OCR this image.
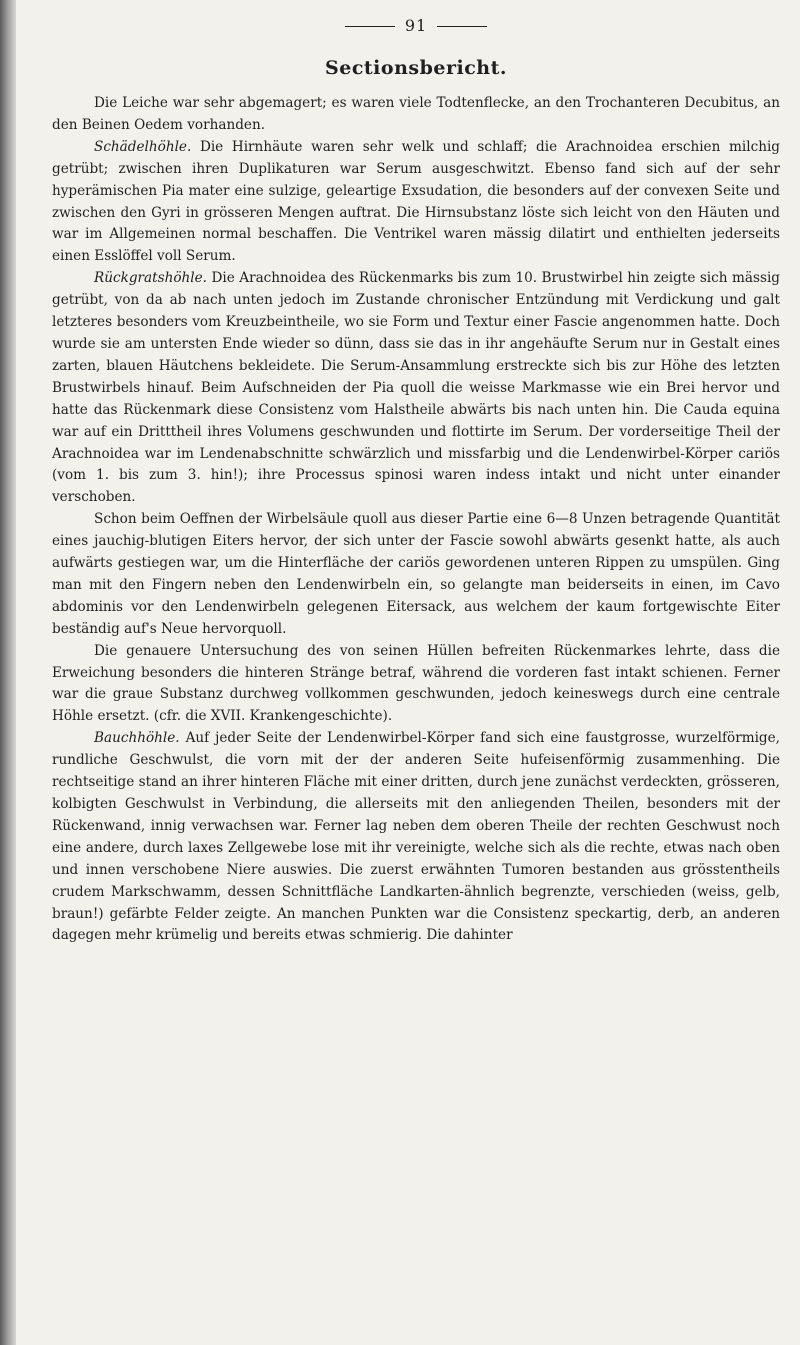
91
Sectionsbericht.

Die Leiche war sehr abgemagert; es waren viele Todtenflecke, an den Trochanteren Decubitus, an den Beinen Oedem vorhanden.

Schädelhöhle. Die Hirnhäute waren sehr welk und schlaff; die Arachnoidea erschien milchig getrübt; zwischen ihren Duplikaturen war Serum ausgeschwitzt. Ebenso fand sich auf der sehr hyperämischen Pia mater eine sulzige, geleartige Exsudation, die besonders auf der convexen Seite und zwischen den Gyri in grösseren Mengen auftrat. Die Hirnsubstanz löste sich leicht von den Häuten und war im Allgemeinen normal beschaffen. Die Ventrikel waren mässig dilatirt und enthielten jederseits einen Esslöffel voll Serum.

Rückgratshöhle. Die Arachnoidea des Rückenmarks bis zum 10. Brustwirbel hin zeigte sich mässig getrübt, von da ab nach unten jedoch im Zustande chronischer Entzündung mit Verdickung und galt letzteres besonders vom Kreuzbeintheile, wo sie Form und Textur einer Fascie angenommen hatte. Doch wurde sie am untersten Ende wieder so dünn, dass sie das in ihr angehäufte Serum nur in Gestalt eines zarten, blauen Häutchens bekleidete. Die Serum-Ansammlung erstreckte sich bis zur Höhe des letzten Brustwirbels hinauf. Beim Aufschneiden der Pia quoll die weisse Markmasse wie ein Brei hervor und hatte das Rückenmark diese Consistenz vom Halstheile abwärts bis nach unten hin. Die Cauda equina war auf ein Dritttheil ihres Volumens geschwunden und flottirte im Serum. Der vorderseitige Theil der Arachnoidea war im Lendenabschnitte schwärzlich und missfarbig und die Lendenwirbel-Körper cariös (vom 1. bis zum 3. hin!); ihre Processus spinosi waren indess intakt und nicht unter einander verschoben.

Schon beim Oeffnen der Wirbelsäule quoll aus dieser Partie eine 6—8 Unzen betragende Quantität eines jauchig-blutigen Eiters hervor, der sich unter der Fascie sowohl abwärts gesenkt hatte, als auch aufwärts gestiegen war, um die Hinterfläche der cariös gewordenen unteren Rippen zu umspülen. Ging man mit den Fingern neben den Lendenwirbeln ein, so gelangte man beiderseits in einen, im Cavo abdominis vor den Lendenwirbeln gelegenen Eitersack, aus welchem der kaum fortgewischte Eiter beständig auf's Neue hervorquoll.

Die genauere Untersuchung des von seinen Hüllen befreiten Rückenmarkes lehrte, dass die Erweichung besonders die hinteren Stränge betraf, während die vorderen fast intakt schienen. Ferner war die graue Substanz durchweg vollkommen geschwunden, jedoch keineswegs durch eine centrale Höhle ersetzt. (cfr. die XVII. Krankengeschichte).

Bauchhöhle. Auf jeder Seite der Lendenwirbel-Körper fand sich eine faustgrosse, wurzelförmige, rundliche Geschwulst, die vorn mit der der anderen Seite hufeisenförmig zusammenhing. Die rechtseitige stand an ihrer hinteren Fläche mit einer dritten, durch jene zunächst verdeckten, grösseren, kolbigten Geschwulst in Verbindung, die allerseits mit den anliegenden Theilen, besonders mit der Rückenwand, innig verwachsen war. Ferner lag neben dem oberen Theile der rechten Geschwust noch eine andere, durch laxes Zellgewebe lose mit ihr vereinigte, welche sich als die rechte, etwas nach oben und innen verschobene Niere auswies. Die zuerst erwähnten Tumoren bestanden aus grösstentheils crudem Markschwamm, dessen Schnittfläche Landkarten-ähnlich begrenzte, verschieden (weiss, gelb, braun!) gefärbte Felder zeigte. An manchen Punkten war die Consistenz speckartig, derb, an anderen dagegen mehr krümelig und bereits etwas schmierig. Die dahinter
